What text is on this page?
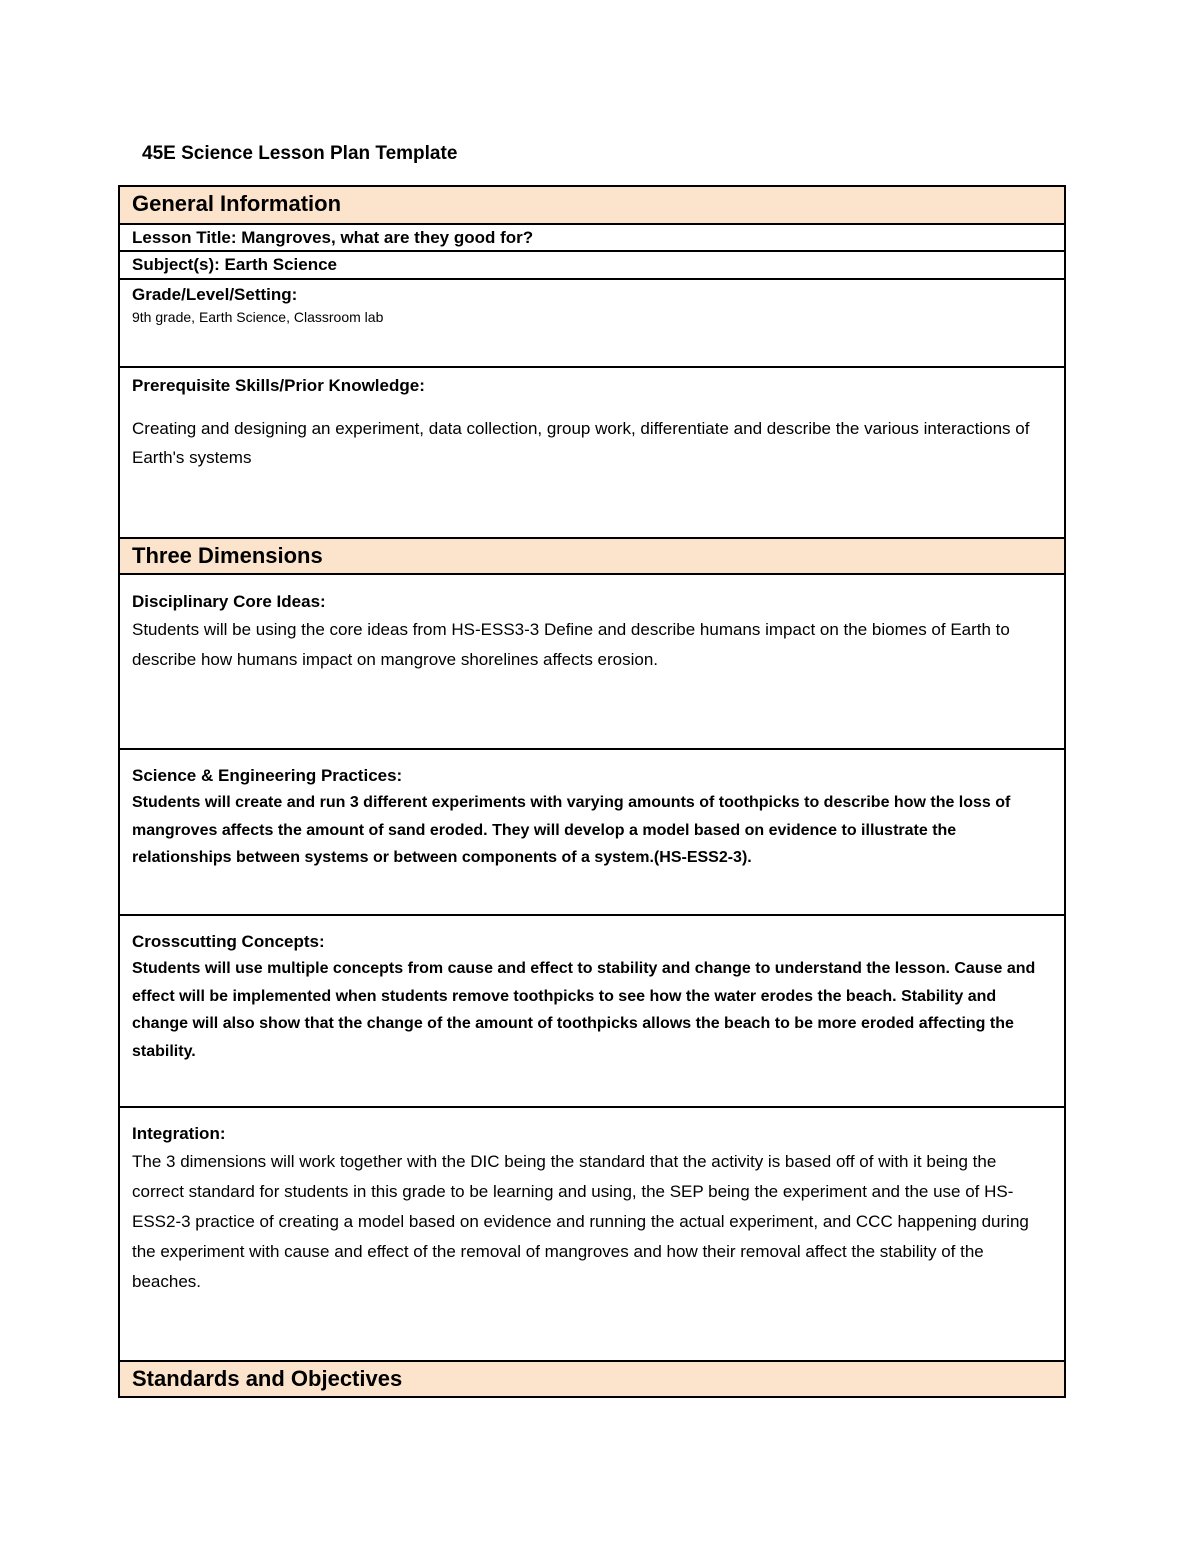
45E Science Lesson Plan Template
General Information
Lesson Title: Mangroves, what are they good for?
Subject(s): Earth Science
Grade/Level/Setting:
9th grade, Earth Science, Classroom lab
Prerequisite Skills/Prior Knowledge:
Creating and designing an experiment, data collection, group work, differentiate and describe the various interactions of Earth's systems
Three Dimensions
Disciplinary Core Ideas:
Students will be using the core ideas from HS-ESS3-3 Define and describe humans impact on the biomes of Earth to describe how humans impact on mangrove shorelines affects erosion.
Science & Engineering Practices:
Students will create and run 3 different experiments with varying amounts of toothpicks to describe how the loss of mangroves affects the amount of sand eroded. They will develop a model based on evidence to illustrate the relationships between systems or between components of a system.(HS-ESS2-3).
Crosscutting Concepts:
Students will use multiple concepts from cause and effect to stability and change to understand the lesson. Cause and effect will be implemented when students remove toothpicks to see how the water erodes the beach. Stability and change will also show that the change of the amount of toothpicks allows the beach to be more eroded affecting the stability.
Integration:
The 3 dimensions will work together with the DIC being the standard that the activity is based off of with it being the correct standard for students in this grade to be learning and using, the SEP being the experiment and the use of HS-ESS2-3 practice of creating a model based on evidence and running the actual experiment, and CCC happening during the experiment with cause and effect of the removal of mangroves and how their removal affect the stability of the beaches.
Standards and Objectives
